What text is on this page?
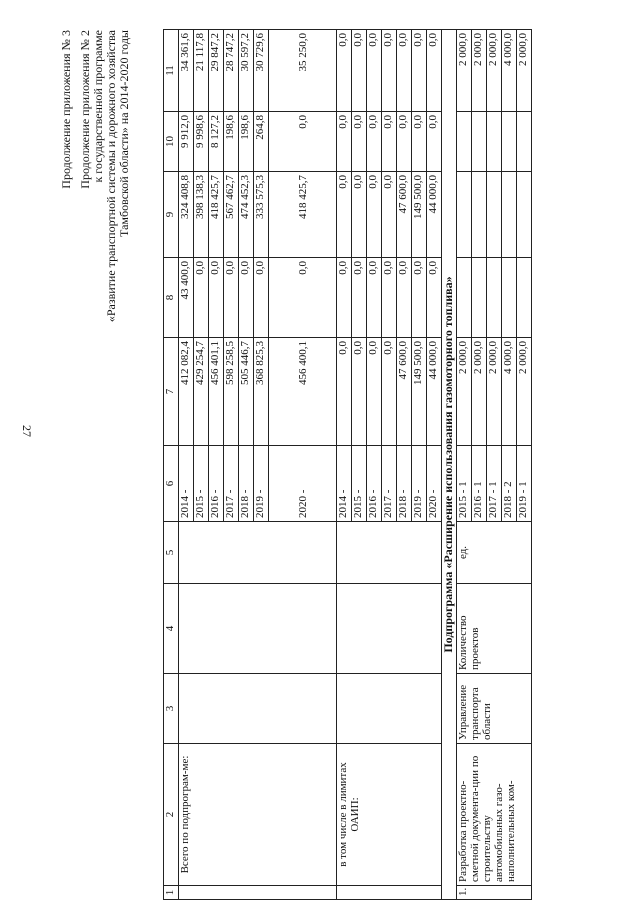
27
Продолжение приложения № 3 Продолжение приложения № 2 к государственной программе «Развитие транспортной системы и дорожного хозяйства Тамбовской области» на 2014-2020 годы
1	2	3	4	5	6	7	8	9	10	11
	Всего по подпрограм-ме:				2014 -	412 082,4	43 400,0	324 408,8	9 912,0	34 361,6
					2015 -	429 254,7	0,0	398 138,3	9 998,6	21 117,8
					2016 -	456 401,1	0,0	418 425,7	8 127,2	29 847,2
					2017 -	598 258,5	0,0	567 462,7	198,6	28 747,2
					2018 -	505 446,7	0,0	474 452,3	198,6	30 597,2
					2019 -	368 825,3	0,0	333 575,3	264,8	30 729,6
					2020 -	456 400,1	0,0	418 425,7	0,0	35 250,0
	в том числе в лимитах ОАИП:				2014 -	0,0	0,0	0,0	0,0	0,0
					2015 -	0,0	0,0	0,0	0,0	0,0
					2016 -	0,0	0,0	0,0	0,0	0,0
					2017 -	0,0	0,0	0,0	0,0	0,0
					2018 -	47 600,0	0,0	47 600,0	0,0	0,0
					2019 -	149 500,0	0,0	149 500,0	0,0	0,0
					2020 -	44 000,0	0,0	44 000,0	0,0	0,0
Подпрограмма «Расширение использования газомоторного топлива»										
1.	Разработка проектно-сметной документа-ции по строительству автомобильных газо-наполнительных ком-	Управление транспорта области	Количество проектов	ед.	2015 - 1	2 000,0				2 000,0
					2016 - 1	2 000,0				2 000,0
					2017 - 1	2 000,0				2 000,0
					2018 - 2	4 000,0				4 000,0
					2019 - 1	2 000,0				2 000,0
